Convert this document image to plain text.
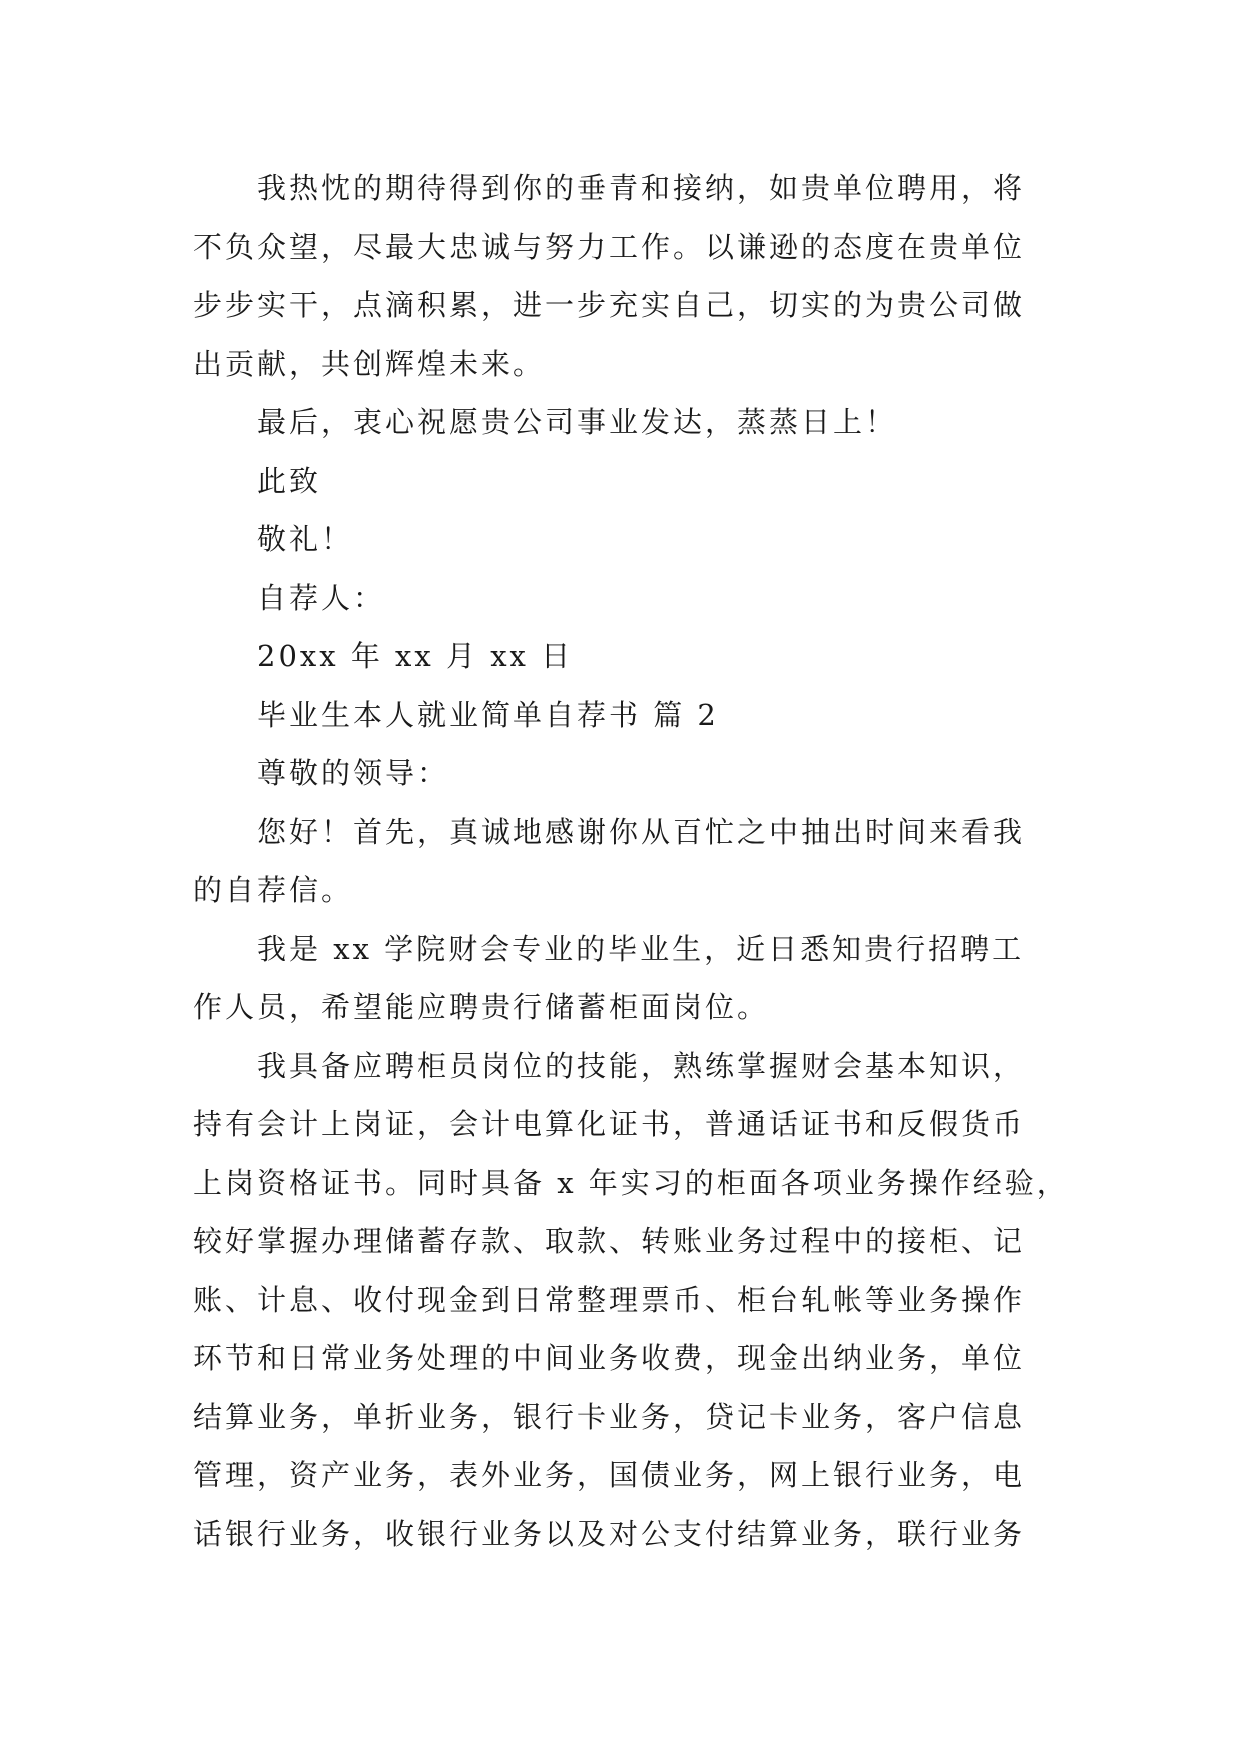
我热忱的期待得到你的垂青和接纳，如贵单位聘用，将
不负众望，尽最大忠诚与努力工作。以谦逊的态度在贵单位
步步实干，点滴积累，进一步充实自己，切实的为贵公司做
出贡献，共创辉煌未来。
最后，衷心祝愿贵公司事业发达，蒸蒸日上！
此致
敬礼！
自荐人：
20xx 年 xx 月 xx 日
毕业生本人就业简单自荐书 篇 2
尊敬的领导：
您好！首先，真诚地感谢你从百忙之中抽出时间来看我
的自荐信。
我是 xx 学院财会专业的毕业生，近日悉知贵行招聘工
作人员，希望能应聘贵行储蓄柜面岗位。
我具备应聘柜员岗位的技能，熟练掌握财会基本知识，
持有会计上岗证，会计电算化证书，普通话证书和反假货币
上岗资格证书。同时具备 x 年实习的柜面各项业务操作经验，
较好掌握办理储蓄存款、取款、转账业务过程中的接柜、记
账、计息、收付现金到日常整理票币、柜台轧帐等业务操作
环节和日常业务处理的中间业务收费，现金出纳业务，单位
结算业务，单折业务，银行卡业务，贷记卡业务，客户信息
管理，资产业务，表外业务，国债业务，网上银行业务，电
话银行业务，收银行业务以及对公支付结算业务，联行业务
